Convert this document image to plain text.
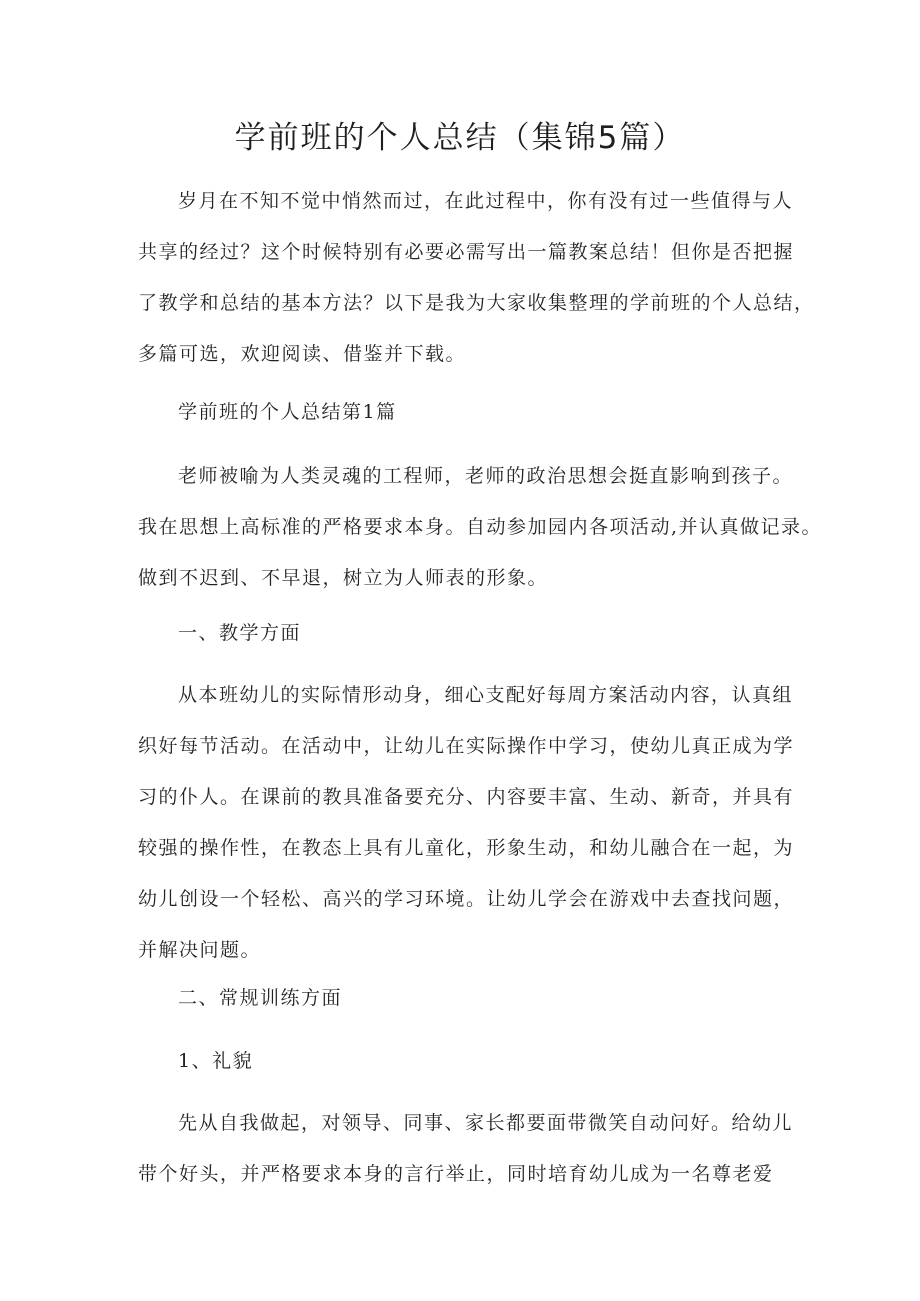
学前班的个人总结（集锦5篇）
岁月在不知不觉中悄然而过，在此过程中，你有没有过一些值得与人
共享的经过？这个时候特别有必要必需写出一篇教案总结！但你是否把握
了教学和总结的基本方法？以下是我为大家收集整理的学前班的个人总结，
多篇可选，欢迎阅读、借鉴并下载。
学前班的个人总结第1篇
老师被喻为人类灵魂的工程师，老师的政治思想会挺直影响到孩子。
我在思想上高标准的严格要求本身。自动参加园内各项活动,并认真做记录。
做到不迟到、不早退，树立为人师表的形象。
一、教学方面
从本班幼儿的实际情形动身，细心支配好每周方案活动内容，认真组
织好每节活动。在活动中，让幼儿在实际操作中学习，使幼儿真正成为学
习的仆人。在课前的教具准备要充分、内容要丰富、生动、新奇，并具有
较强的操作性，在教态上具有儿童化，形象生动，和幼儿融合在一起，为
幼儿创设一个轻松、高兴的学习环境。让幼儿学会在游戏中去查找问题，
并解决问题。
二、常规训练方面
1、礼貌
先从自我做起，对领导、同事、家长都要面带微笑自动问好。给幼儿
带个好头，并严格要求本身的言行举止，同时培育幼儿成为一名尊老爱
